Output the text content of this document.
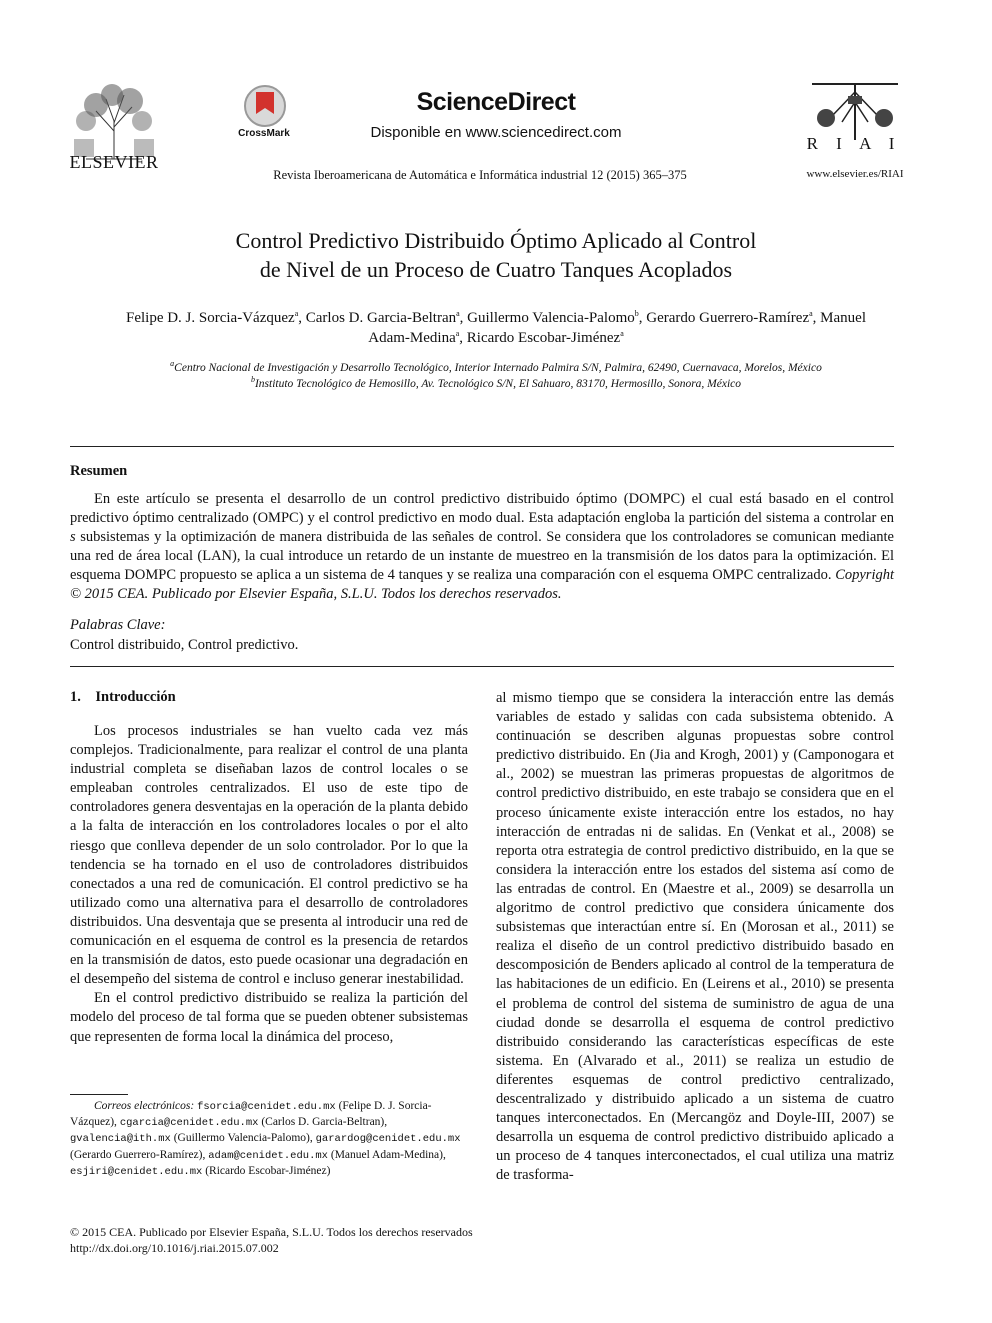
ELSEVIER
CrossMark
ScienceDirect
Disponible en www.sciencedirect.com
Revista Iberoamericana de Automática e Informática industrial 12 (2015) 365–375
R I A I
www.elsevier.es/RIAI
Control Predictivo Distribuido Óptimo Aplicado al Control
de Nivel de un Proceso de Cuatro Tanques Acoplados
Felipe D. J. Sorcia-Vázquez$^a$, Carlos D. Garcia-Beltran$^a$, Guillermo Valencia-Palomo$^b$, Gerardo Guerrero-Ramírez$^a$, Manuel
Adam-Medina$^a$, Ricardo Escobar-Jiménez$^a$
$^a$Centro Nacional de Investigación y Desarrollo Tecnológico, Interior Internado Palmira S/N, Palmira, 62490, Cuernavaca, Morelos, México
$^b$Instituto Tecnológico de Hemosillo, Av. Tecnológico S/N, El Sahuaro, 83170, Hermosillo, Sonora, México
Resumen
En este artículo se presenta el desarrollo de un control predictivo distribuido óptimo (DOMPC) el cual está basado en el control predictivo óptimo centralizado (OMPC) y el control predictivo en modo dual. Esta adaptación engloba la partición del sistema a controlar en s subsistemas y la optimización de manera distribuida de las señales de control. Se considera que los controladores se comunican mediante una red de área local (LAN), la cual introduce un retardo de un instante de muestreo en la transmisión de los datos para la optimización. El esquema DOMPC propuesto se aplica a un sistema de 4 tanques y se realiza una comparación con el esquema OMPC centralizado. Copyright © 2015 CEA. Publicado por Elsevier España, S.L.U. Todos los derechos reservados.
Palabras Clave:
Control distribuido, Control predictivo.
1.    Introducción

Los procesos industriales se han vuelto cada vez más complejos. Tradicionalmente, para realizar el control de una planta industrial completa se diseñaban lazos de control locales o se empleaban controles centralizados. El uso de este tipo de controladores genera desventajas en la operación de la planta debido a la falta de interacción en los controladores locales o por el alto riesgo que conlleva depender de un solo controlador. Por lo que la tendencia se ha tornado en el uso de controladores distribuidos conectados a una red de comunicación. El control predictivo se ha utilizado como una alternativa para el desarrollo de controladores distribuidos. Una desventaja que se presenta al introducir una red de comunicación en el esquema de control es la presencia de retardos en la transmisión de datos, esto puede ocasionar una degradación en el desempeño del sistema de control e incluso generar inestabilidad.

En el control predictivo distribuido se realiza la partición del modelo del proceso de tal forma que se pueden obtener subsistemas que representen de forma local la dinámica del proceso,

al mismo tiempo que se considera la interacción entre las demás variables de estado y salidas con cada subsistema obtenido. A continuación se describen algunas propuestas sobre control predictivo distribuido. En (Jia and Krogh, 2001) y (Camponogara et al., 2002) se muestran las primeras propuestas de algoritmos de control predictivo distribuido, en este trabajo se considera que en el proceso únicamente existe interacción entre los estados, no hay interacción de entradas ni de salidas. En (Venkat et al., 2008) se reporta otra estrategia de control predictivo distribuido, en la que se considera la interacción entre los estados del sistema así como de las entradas de control. En (Maestre et al., 2009) se desarrolla un algoritmo de control predictivo que considera únicamente dos subsistemas que interactúan entre sí. En (Morosan et al., 2011) se realiza el diseño de un control predictivo distribuido basado en descomposición de Benders aplicado al control de la temperatura de las habitaciones de un edificio. En (Leirens et al., 2010) se presenta el problema de control del sistema de suministro de agua de una ciudad donde se desarrolla el esquema de control predictivo distribuido considerando las características específicas de este sistema. En (Alvarado et al., 2011) se realiza un estudio de diferentes esquemas de control predictivo centralizado, descentralizado y distribuido aplicado a un sistema de cuatro tanques interconectados. En (Mercangöz and Doyle-III, 2007) se desarrolla un esquema de control predictivo distribuido aplicado a un proceso de 4 tanques interconectados, el cual utiliza una matriz de trasforma-

Correos electrónicos: fsorcia@cenidet.edu.mx (Felipe D. J. Sorcia-Vázquez), cgarcia@cenidet.edu.mx (Carlos D. Garcia-Beltran), gvalencia@ith.mx (Guillermo Valencia-Palomo), garardog@cenidet.edu.mx (Gerardo Guerrero-Ramírez), adam@cenidet.edu.mx (Manuel Adam-Medina), esjiri@cenidet.edu.mx (Ricardo Escobar-Jiménez)
© 2015 CEA. Publicado por Elsevier España, S.L.U. Todos los derechos reservados
http://dx.doi.org/10.1016/j.riai.2015.07.002
